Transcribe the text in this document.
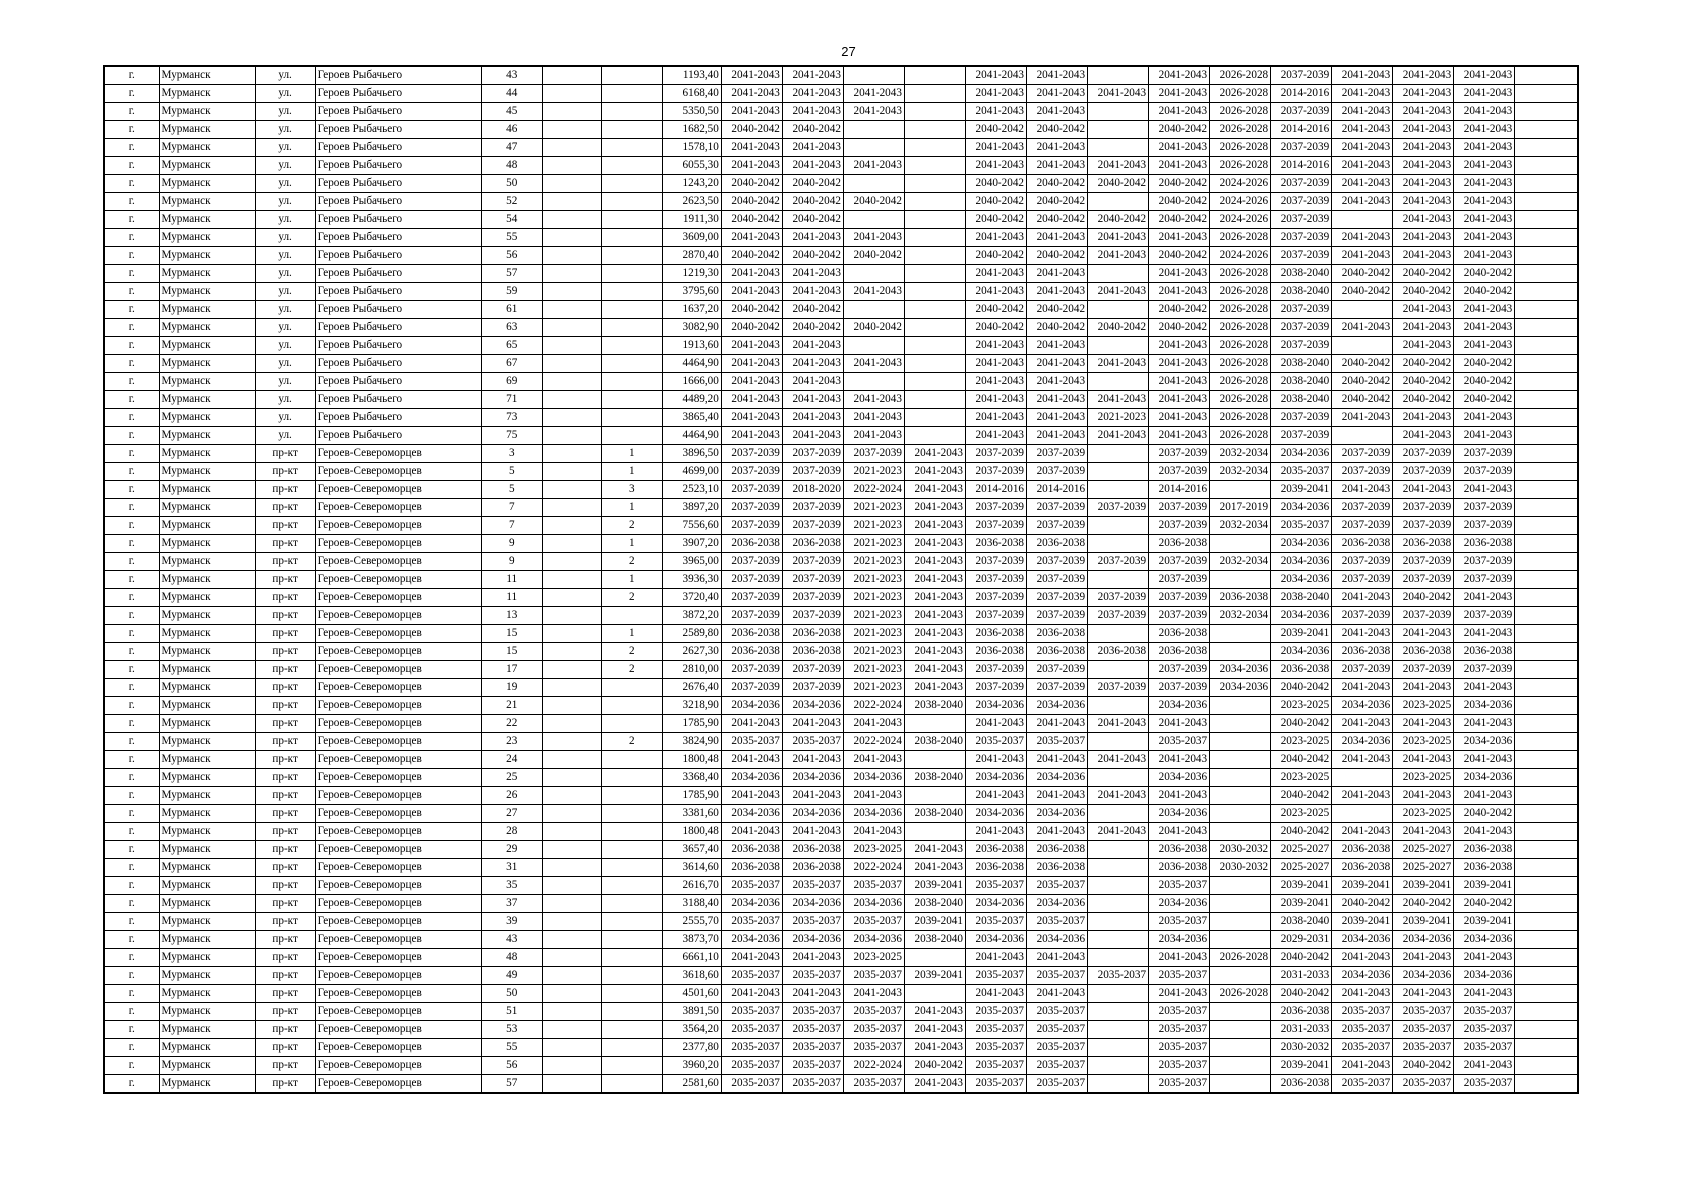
27
г.	Мурманск	ул.	Героев Рыбачьего	43			1193,40	2041-2043	2041-2043			2041-2043	2041-2043		2041-2043	2026-2028	2037-2039	2041-2043	2041-2043	2041-2043	
г.	Мурманск	ул.	Героев Рыбачьего	44			6168,40	2041-2043	2041-2043	2041-2043		2041-2043	2041-2043	2041-2043	2041-2043	2026-2028	2014-2016	2041-2043	2041-2043	2041-2043	
г.	Мурманск	ул.	Героев Рыбачьего	45			5350,50	2041-2043	2041-2043	2041-2043		2041-2043	2041-2043		2041-2043	2026-2028	2037-2039	2041-2043	2041-2043	2041-2043	
г.	Мурманск	ул.	Героев Рыбачьего	46			1682,50	2040-2042	2040-2042			2040-2042	2040-2042		2040-2042	2026-2028	2014-2016	2041-2043	2041-2043	2041-2043	
г.	Мурманск	ул.	Героев Рыбачьего	47			1578,10	2041-2043	2041-2043			2041-2043	2041-2043		2041-2043	2026-2028	2037-2039	2041-2043	2041-2043	2041-2043	
г.	Мурманск	ул.	Героев Рыбачьего	48			6055,30	2041-2043	2041-2043	2041-2043		2041-2043	2041-2043	2041-2043	2041-2043	2026-2028	2014-2016	2041-2043	2041-2043	2041-2043	
г.	Мурманск	ул.	Героев Рыбачьего	50			1243,20	2040-2042	2040-2042			2040-2042	2040-2042	2040-2042	2040-2042	2024-2026	2037-2039	2041-2043	2041-2043	2041-2043	
г.	Мурманск	ул.	Героев Рыбачьего	52			2623,50	2040-2042	2040-2042	2040-2042		2040-2042	2040-2042		2040-2042	2024-2026	2037-2039	2041-2043	2041-2043	2041-2043	
г.	Мурманск	ул.	Героев Рыбачьего	54			1911,30	2040-2042	2040-2042			2040-2042	2040-2042	2040-2042	2040-2042	2024-2026	2037-2039		2041-2043	2041-2043	
г.	Мурманск	ул.	Героев Рыбачьего	55			3609,00	2041-2043	2041-2043	2041-2043		2041-2043	2041-2043	2041-2043	2041-2043	2026-2028	2037-2039	2041-2043	2041-2043	2041-2043	
г.	Мурманск	ул.	Героев Рыбачьего	56			2870,40	2040-2042	2040-2042	2040-2042		2040-2042	2040-2042	2041-2043	2040-2042	2024-2026	2037-2039	2041-2043	2041-2043	2041-2043	
г.	Мурманск	ул.	Героев Рыбачьего	57			1219,30	2041-2043	2041-2043			2041-2043	2041-2043		2041-2043	2026-2028	2038-2040	2040-2042	2040-2042	2040-2042	
г.	Мурманск	ул.	Героев Рыбачьего	59			3795,60	2041-2043	2041-2043	2041-2043		2041-2043	2041-2043	2041-2043	2041-2043	2026-2028	2038-2040	2040-2042	2040-2042	2040-2042	
г.	Мурманск	ул.	Героев Рыбачьего	61			1637,20	2040-2042	2040-2042			2040-2042	2040-2042		2040-2042	2026-2028	2037-2039		2041-2043	2041-2043	
г.	Мурманск	ул.	Героев Рыбачьего	63			3082,90	2040-2042	2040-2042	2040-2042		2040-2042	2040-2042	2040-2042	2040-2042	2026-2028	2037-2039	2041-2043	2041-2043	2041-2043	
г.	Мурманск	ул.	Героев Рыбачьего	65			1913,60	2041-2043	2041-2043			2041-2043	2041-2043		2041-2043	2026-2028	2037-2039		2041-2043	2041-2043	
г.	Мурманск	ул.	Героев Рыбачьего	67			4464,90	2041-2043	2041-2043	2041-2043		2041-2043	2041-2043	2041-2043	2041-2043	2026-2028	2038-2040	2040-2042	2040-2042	2040-2042	
г.	Мурманск	ул.	Героев Рыбачьего	69			1666,00	2041-2043	2041-2043			2041-2043	2041-2043		2041-2043	2026-2028	2038-2040	2040-2042	2040-2042	2040-2042	
г.	Мурманск	ул.	Героев Рыбачьего	71			4489,20	2041-2043	2041-2043	2041-2043		2041-2043	2041-2043	2041-2043	2041-2043	2026-2028	2038-2040	2040-2042	2040-2042	2040-2042	
г.	Мурманск	ул.	Героев Рыбачьего	73			3865,40	2041-2043	2041-2043	2041-2043		2041-2043	2041-2043	2021-2023	2041-2043	2026-2028	2037-2039	2041-2043	2041-2043	2041-2043	
г.	Мурманск	ул.	Героев Рыбачьего	75			4464,90	2041-2043	2041-2043	2041-2043		2041-2043	2041-2043	2041-2043	2041-2043	2026-2028	2037-2039		2041-2043	2041-2043	
г.	Мурманск	пр-кт	Героев-Североморцев	3		1	3896,50	2037-2039	2037-2039	2037-2039	2041-2043	2037-2039	2037-2039		2037-2039	2032-2034	2034-2036	2037-2039	2037-2039	2037-2039	
г.	Мурманск	пр-кт	Героев-Североморцев	5		1	4699,00	2037-2039	2037-2039	2021-2023	2041-2043	2037-2039	2037-2039		2037-2039	2032-2034	2035-2037	2037-2039	2037-2039	2037-2039	
г.	Мурманск	пр-кт	Героев-Североморцев	5		3	2523,10	2037-2039	2018-2020	2022-2024	2041-2043	2014-2016	2014-2016		2014-2016		2039-2041	2041-2043	2041-2043	2041-2043	
г.	Мурманск	пр-кт	Героев-Североморцев	7		1	3897,20	2037-2039	2037-2039	2021-2023	2041-2043	2037-2039	2037-2039	2037-2039	2037-2039	2017-2019	2034-2036	2037-2039	2037-2039	2037-2039	
г.	Мурманск	пр-кт	Героев-Североморцев	7		2	7556,60	2037-2039	2037-2039	2021-2023	2041-2043	2037-2039	2037-2039		2037-2039	2032-2034	2035-2037	2037-2039	2037-2039	2037-2039	
г.	Мурманск	пр-кт	Героев-Североморцев	9		1	3907,20	2036-2038	2036-2038	2021-2023	2041-2043	2036-2038	2036-2038		2036-2038		2034-2036	2036-2038	2036-2038	2036-2038	
г.	Мурманск	пр-кт	Героев-Североморцев	9		2	3965,00	2037-2039	2037-2039	2021-2023	2041-2043	2037-2039	2037-2039	2037-2039	2037-2039	2032-2034	2034-2036	2037-2039	2037-2039	2037-2039	
г.	Мурманск	пр-кт	Героев-Североморцев	11		1	3936,30	2037-2039	2037-2039	2021-2023	2041-2043	2037-2039	2037-2039		2037-2039		2034-2036	2037-2039	2037-2039	2037-2039	
г.	Мурманск	пр-кт	Героев-Североморцев	11		2	3720,40	2037-2039	2037-2039	2021-2023	2041-2043	2037-2039	2037-2039	2037-2039	2037-2039	2036-2038	2038-2040	2041-2043	2040-2042	2041-2043	
г.	Мурманск	пр-кт	Героев-Североморцев	13			3872,20	2037-2039	2037-2039	2021-2023	2041-2043	2037-2039	2037-2039	2037-2039	2037-2039	2032-2034	2034-2036	2037-2039	2037-2039	2037-2039	
г.	Мурманск	пр-кт	Героев-Североморцев	15		1	2589,80	2036-2038	2036-2038	2021-2023	2041-2043	2036-2038	2036-2038		2036-2038		2039-2041	2041-2043	2041-2043	2041-2043	
г.	Мурманск	пр-кт	Героев-Североморцев	15		2	2627,30	2036-2038	2036-2038	2021-2023	2041-2043	2036-2038	2036-2038	2036-2038	2036-2038		2034-2036	2036-2038	2036-2038	2036-2038	
г.	Мурманск	пр-кт	Героев-Североморцев	17		2	2810,00	2037-2039	2037-2039	2021-2023	2041-2043	2037-2039	2037-2039		2037-2039	2034-2036	2036-2038	2037-2039	2037-2039	2037-2039	
г.	Мурманск	пр-кт	Героев-Североморцев	19			2676,40	2037-2039	2037-2039	2021-2023	2041-2043	2037-2039	2037-2039	2037-2039	2037-2039	2034-2036	2040-2042	2041-2043	2041-2043	2041-2043	
г.	Мурманск	пр-кт	Героев-Североморцев	21			3218,90	2034-2036	2034-2036	2022-2024	2038-2040	2034-2036	2034-2036		2034-2036		2023-2025	2034-2036	2023-2025	2034-2036	
г.	Мурманск	пр-кт	Героев-Североморцев	22			1785,90	2041-2043	2041-2043	2041-2043		2041-2043	2041-2043	2041-2043	2041-2043		2040-2042	2041-2043	2041-2043	2041-2043	
г.	Мурманск	пр-кт	Героев-Североморцев	23		2	3824,90	2035-2037	2035-2037	2022-2024	2038-2040	2035-2037	2035-2037		2035-2037		2023-2025	2034-2036	2023-2025	2034-2036	
г.	Мурманск	пр-кт	Героев-Североморцев	24			1800,48	2041-2043	2041-2043	2041-2043		2041-2043	2041-2043	2041-2043	2041-2043		2040-2042	2041-2043	2041-2043	2041-2043	
г.	Мурманск	пр-кт	Героев-Североморцев	25			3368,40	2034-2036	2034-2036	2034-2036	2038-2040	2034-2036	2034-2036		2034-2036		2023-2025		2023-2025	2034-2036	
г.	Мурманск	пр-кт	Героев-Североморцев	26			1785,90	2041-2043	2041-2043	2041-2043		2041-2043	2041-2043	2041-2043	2041-2043		2040-2042	2041-2043	2041-2043	2041-2043	
г.	Мурманск	пр-кт	Героев-Североморцев	27			3381,60	2034-2036	2034-2036	2034-2036	2038-2040	2034-2036	2034-2036		2034-2036		2023-2025		2023-2025	2040-2042	
г.	Мурманск	пр-кт	Героев-Североморцев	28			1800,48	2041-2043	2041-2043	2041-2043		2041-2043	2041-2043	2041-2043	2041-2043		2040-2042	2041-2043	2041-2043	2041-2043	
г.	Мурманск	пр-кт	Героев-Североморцев	29			3657,40	2036-2038	2036-2038	2023-2025	2041-2043	2036-2038	2036-2038		2036-2038	2030-2032	2025-2027	2036-2038	2025-2027	2036-2038	
г.	Мурманск	пр-кт	Героев-Североморцев	31			3614,60	2036-2038	2036-2038	2022-2024	2041-2043	2036-2038	2036-2038		2036-2038	2030-2032	2025-2027	2036-2038	2025-2027	2036-2038	
г.	Мурманск	пр-кт	Героев-Североморцев	35			2616,70	2035-2037	2035-2037	2035-2037	2039-2041	2035-2037	2035-2037		2035-2037		2039-2041	2039-2041	2039-2041	2039-2041	
г.	Мурманск	пр-кт	Героев-Североморцев	37			3188,40	2034-2036	2034-2036	2034-2036	2038-2040	2034-2036	2034-2036		2034-2036		2039-2041	2040-2042	2040-2042	2040-2042	
г.	Мурманск	пр-кт	Героев-Североморцев	39			2555,70	2035-2037	2035-2037	2035-2037	2039-2041	2035-2037	2035-2037		2035-2037		2038-2040	2039-2041	2039-2041	2039-2041	
г.	Мурманск	пр-кт	Героев-Североморцев	43			3873,70	2034-2036	2034-2036	2034-2036	2038-2040	2034-2036	2034-2036		2034-2036		2029-2031	2034-2036	2034-2036	2034-2036	
г.	Мурманск	пр-кт	Героев-Североморцев	48			6661,10	2041-2043	2041-2043	2023-2025		2041-2043	2041-2043		2041-2043	2026-2028	2040-2042	2041-2043	2041-2043	2041-2043	
г.	Мурманск	пр-кт	Героев-Североморцев	49			3618,60	2035-2037	2035-2037	2035-2037	2039-2041	2035-2037	2035-2037	2035-2037	2035-2037		2031-2033	2034-2036	2034-2036	2034-2036	
г.	Мурманск	пр-кт	Героев-Североморцев	50			4501,60	2041-2043	2041-2043	2041-2043		2041-2043	2041-2043		2041-2043	2026-2028	2040-2042	2041-2043	2041-2043	2041-2043	
г.	Мурманск	пр-кт	Героев-Североморцев	51			3891,50	2035-2037	2035-2037	2035-2037	2041-2043	2035-2037	2035-2037		2035-2037		2036-2038	2035-2037	2035-2037	2035-2037	
г.	Мурманск	пр-кт	Героев-Североморцев	53			3564,20	2035-2037	2035-2037	2035-2037	2041-2043	2035-2037	2035-2037		2035-2037		2031-2033	2035-2037	2035-2037	2035-2037	
г.	Мурманск	пр-кт	Героев-Североморцев	55			2377,80	2035-2037	2035-2037	2035-2037	2041-2043	2035-2037	2035-2037		2035-2037		2030-2032	2035-2037	2035-2037	2035-2037	
г.	Мурманск	пр-кт	Героев-Североморцев	56			3960,20	2035-2037	2035-2037	2022-2024	2040-2042	2035-2037	2035-2037		2035-2037		2039-2041	2041-2043	2040-2042	2041-2043	
г.	Мурманск	пр-кт	Героев-Североморцев	57			2581,60	2035-2037	2035-2037	2035-2037	2041-2043	2035-2037	2035-2037		2035-2037		2036-2038	2035-2037	2035-2037	2035-2037	
